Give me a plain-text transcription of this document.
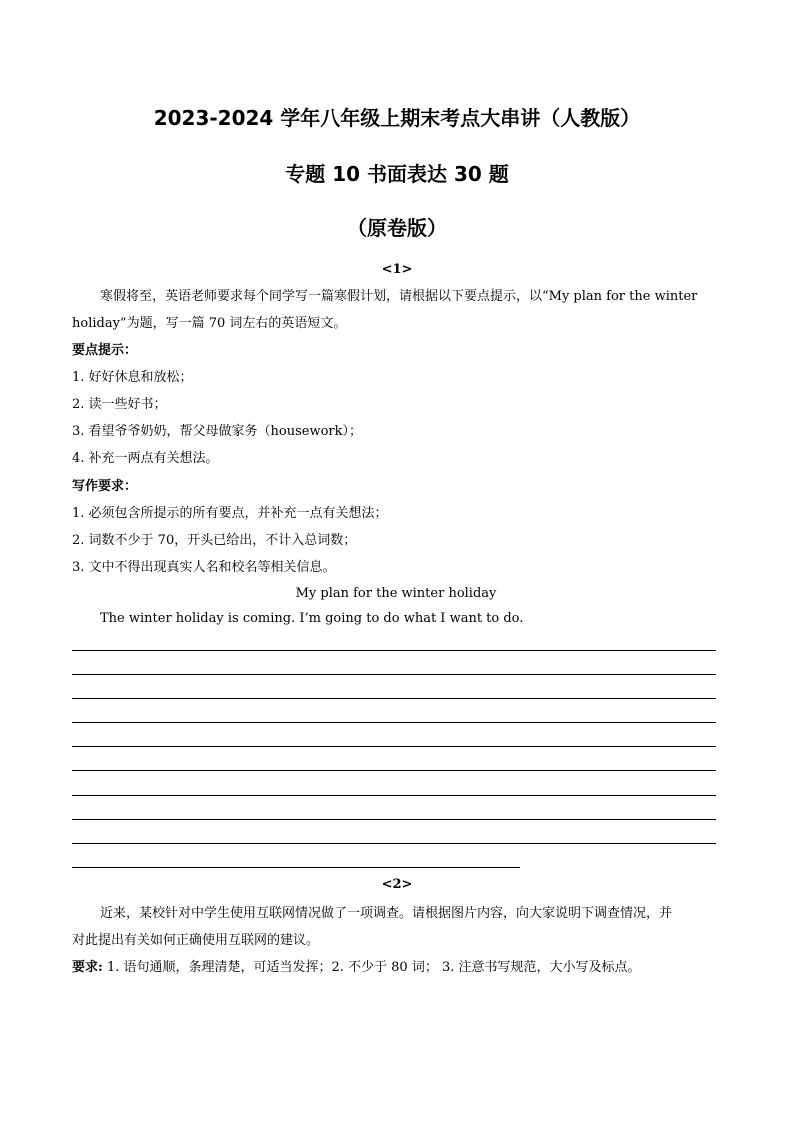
2023-2024 学年八年级上期末考点大串讲（人教版）
专题 10 书面表达 30 题
（原卷版）
<1>
寒假将至，英语老师要求每个同学写一篇寒假计划，请根据以下要点提示，以“My plan for the winter
holiday”为题，写一篇 70 词左右的英语短文。
要点提示：
1. 好好休息和放松；
2. 读一些好书；
3. 看望爷爷奶奶，帮父母做家务（housework）；
4. 补充一两点有关想法。
写作要求：
1. 必须包含所提示的所有要点，并补充一点有关想法；
2. 词数不少于 70，开头已给出，不计入总词数；
3. 文中不得出现真实人名和校名等相关信息。
My plan for the winter holiday
The winter holiday is coming. I’m going to do what I want to do.
<2>
近来，某校针对中学生使用互联网情况做了一项调查。请根据图片内容，向大家说明下调查情况，并
对此提出有关如何正确使用互联网的建议。
要求: 1. 语句通顺，条理清楚，可适当发挥；2. 不少于 80 词； 3. 注意书写规范，大小写及标点。
